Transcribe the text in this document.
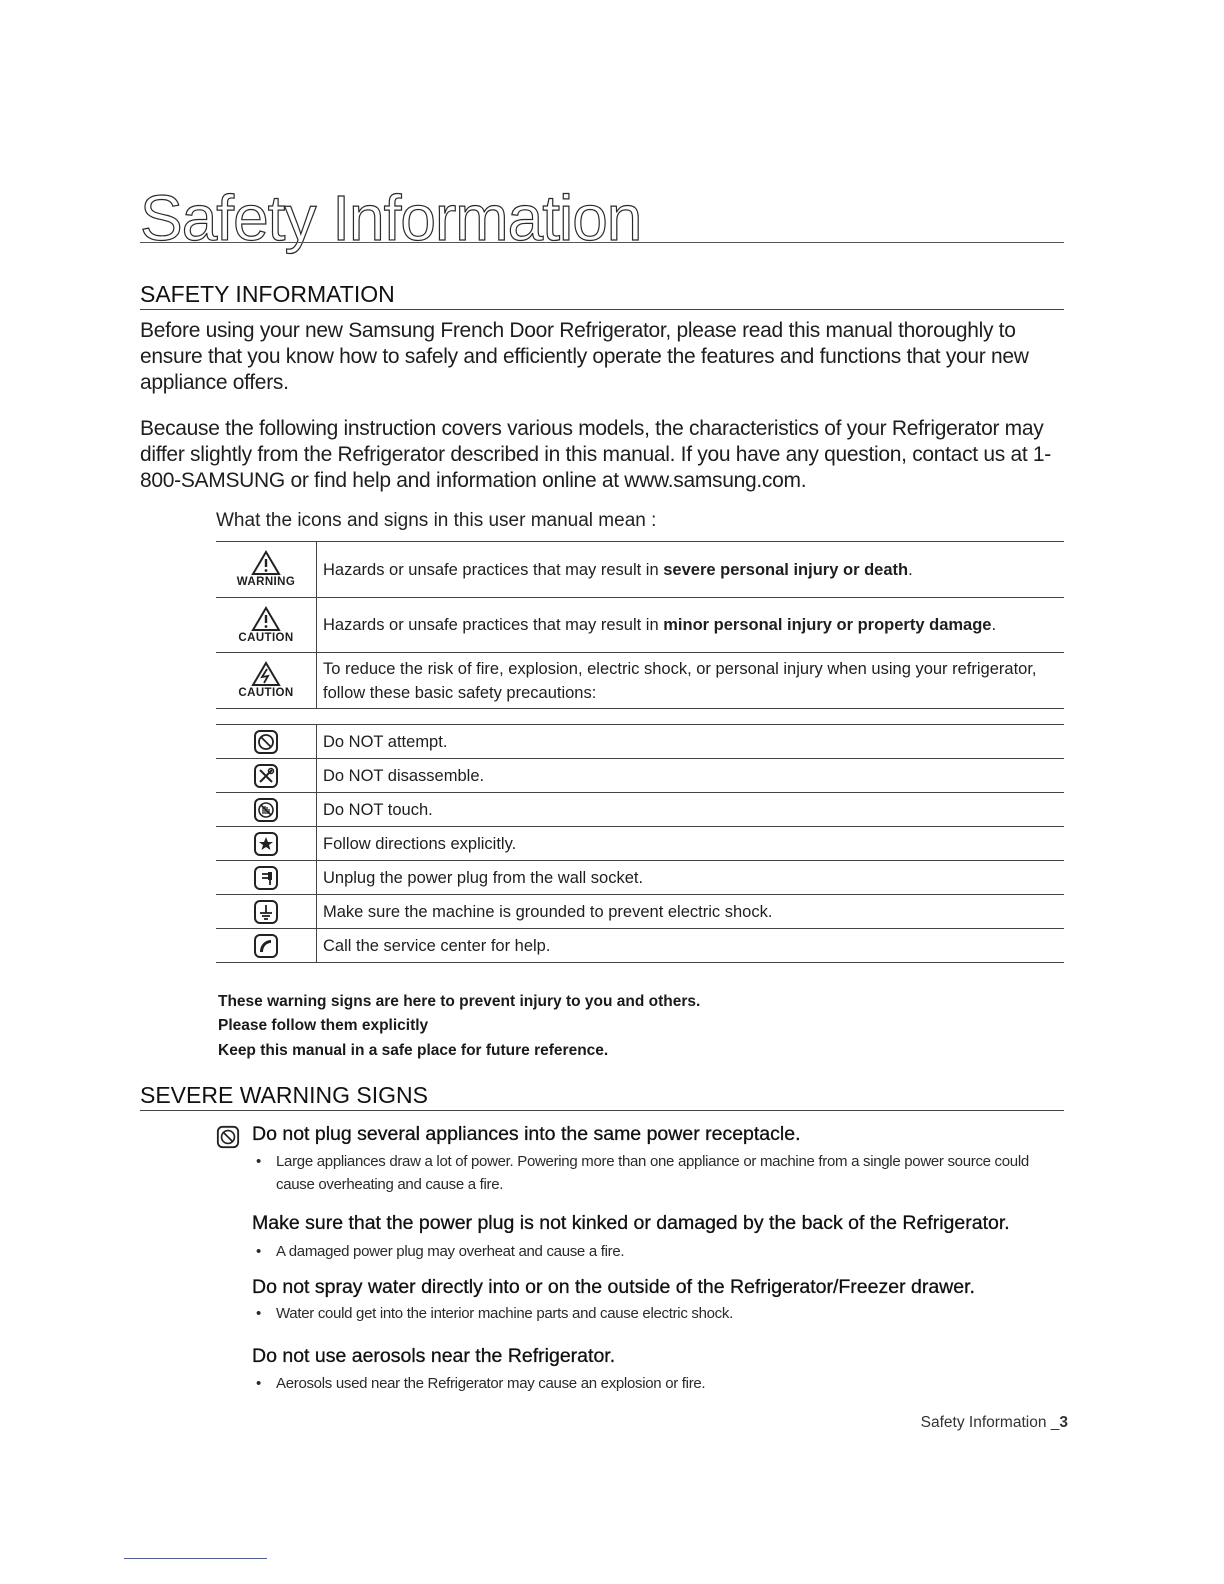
Safety Information
SAFETY INFORMATION
Before using your new Samsung French Door Refrigerator, please read this manual thoroughly to ensure that you know how to safely and efficiently operate the features and functions that your new appliance offers.
Because the following instruction covers various models, the characteristics of your Refrigerator may differ slightly from the Refrigerator described in this manual. If you have any question, contact us at 1-800-SAMSUNG or find help and information online at www.samsung.com.
What the icons and signs in this user manual mean :
WARNING	Hazards or unsafe practices that may result in severe personal injury or death.

CAUTION	Hazards or unsafe practices that may result in minor personal injury or property damage.

CAUTION	To reduce the risk of fire, explosion, electric shock, or personal injury when using your refrigerator, follow these basic safety precautions:
	Do NOT attempt.
	Do NOT disassemble.
	Do NOT touch.
	Follow directions explicitly.
	Unplug the power plug from the wall socket.
	Make sure the machine is grounded to prevent electric shock.
	Call the service center for help.
These warning signs are here to prevent injury to you and others.
Please follow them explicitly
Keep this manual in a safe place for future reference.
SEVERE WARNING SIGNS
Do not plug several appliances into the same power receptacle.
• Large appliances draw a lot of power. Powering more than one appliance or machine from a single power source could cause overheating and cause a fire.
Make sure that the power plug is not kinked or damaged by the back of the Refrigerator.
• A damaged power plug may overheat and cause a fire.
Do not spray water directly into or on the outside of the Refrigerator/Freezer drawer.
• Water could get into the interior machine parts and cause electric shock.
Do not use aerosols near the Refrigerator.
• Aerosols used near the Refrigerator may cause an explosion or fire.
Safety Information _3
